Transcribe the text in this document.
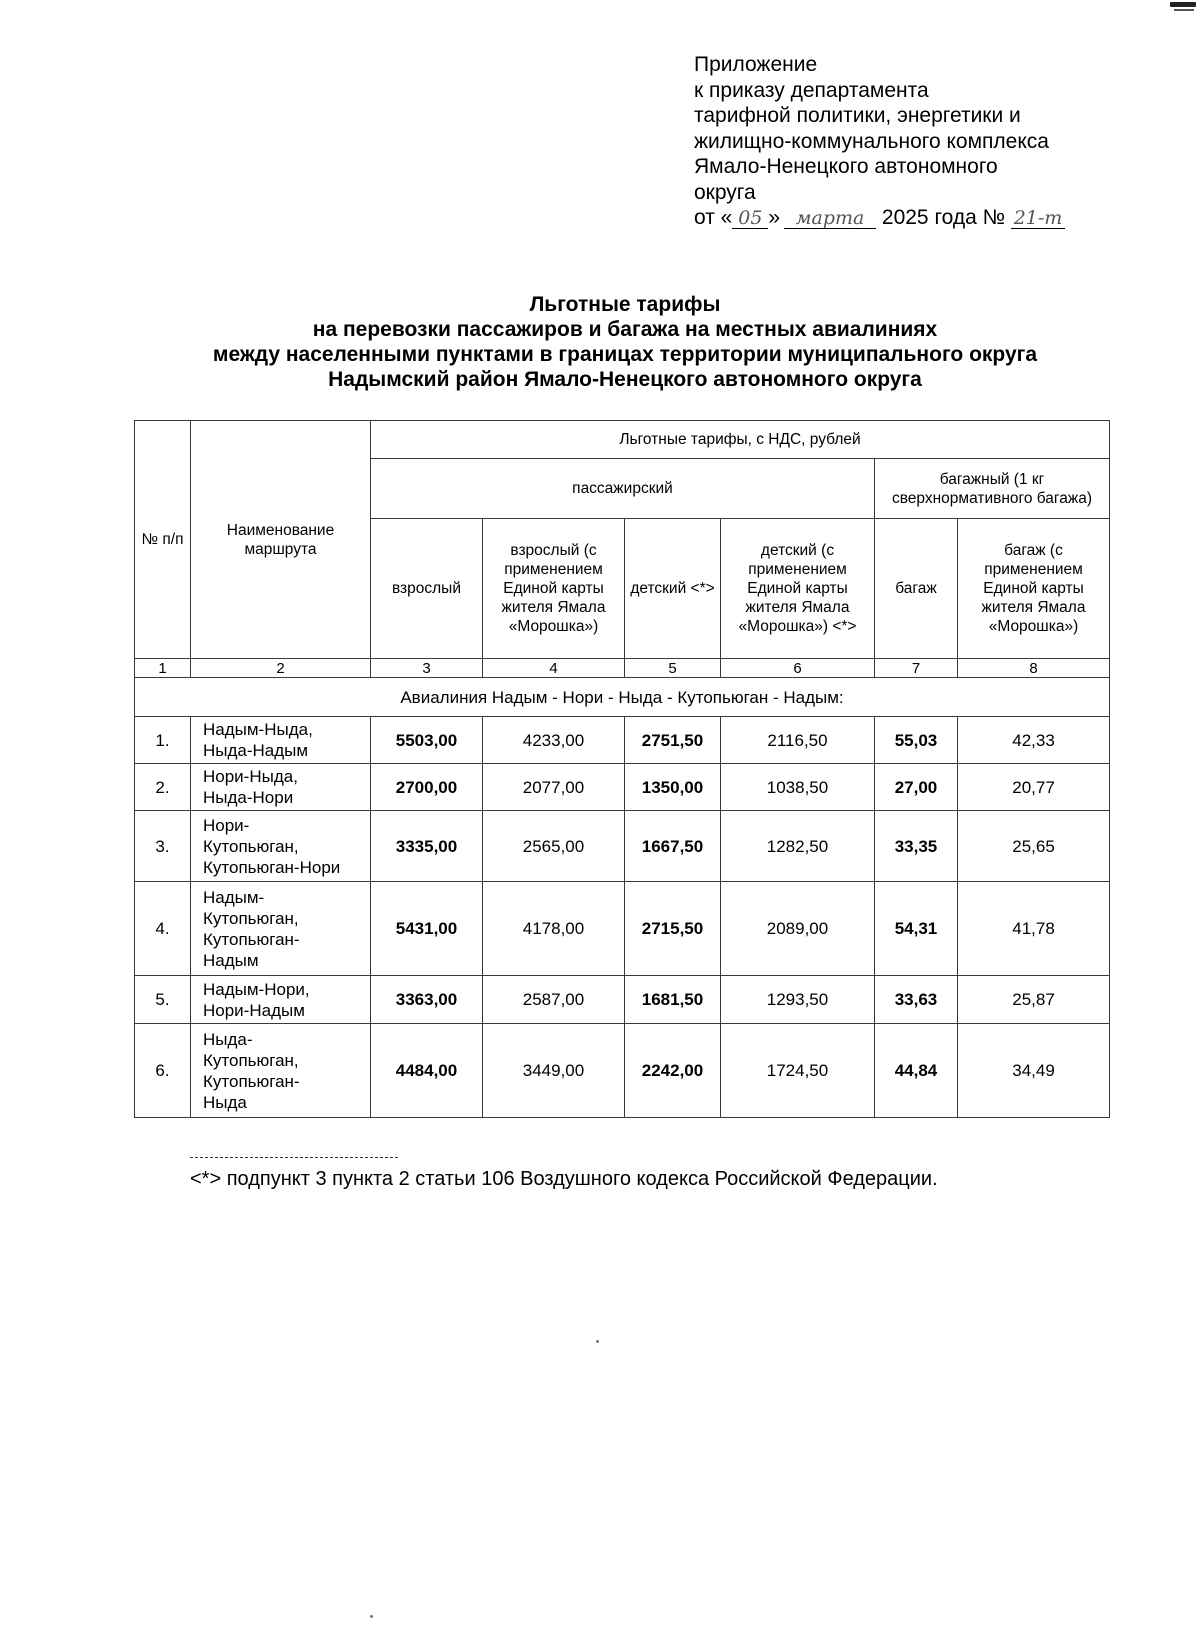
Приложение
к приказу департамента
тарифной политики, энергетики и
жилищно-коммунального комплекса
Ямало-Ненецкого автономного
округа
от « 05 » марта 2025 года № 21-т
Льготные тарифы
на перевозки пассажиров и багажа на местных авиалиниях
между населенными пунктами в границах территории муниципального округа
Надымский район Ямало-Ненецкого автономного округа
№ п/п	Наименование маршрута	Льготные тарифы, с НДС, рублей					
		пассажирский				багажный (1 кг сверхнормативного багажа)	
		взрослый	взрослый (с применением Единой карты жителя Ямала «Морошка»)	детский <*>	детский (с применением Единой карты жителя Ямала «Морошка») <*>	багаж	багаж (с применением Единой карты жителя Ямала «Морошка»)
1	2	3	4	5	6	7	8
Авиалиния Надым - Нори - Ныда - Кутопьюган - Надым:							
1.	Надым-Ныда,
Ныда-Надым	5503,00	4233,00	2751,50	2116,50	55,03	42,33
2.	Нори-Ныда,
Ныда-Нори	2700,00	2077,00	1350,00	1038,50	27,00	20,77
3.	Нори-
Кутопьюган,
Кутопьюган-Нори	3335,00	2565,00	1667,50	1282,50	33,35	25,65
4.	Надым-
Кутопьюган,
Кутопьюган-
Надым	5431,00	4178,00	2715,50	2089,00	54,31	41,78
5.	Надым-Нори,
Нори-Надым	3363,00	2587,00	1681,50	1293,50	33,63	25,87
6.	Ныда-
Кутопьюган,
Кутопьюган-
Ныда	4484,00	3449,00	2242,00	1724,50	44,84	34,49
<*> подпункт 3 пункта 2 статьи 106 Воздушного кодекса Российской Федерации.
